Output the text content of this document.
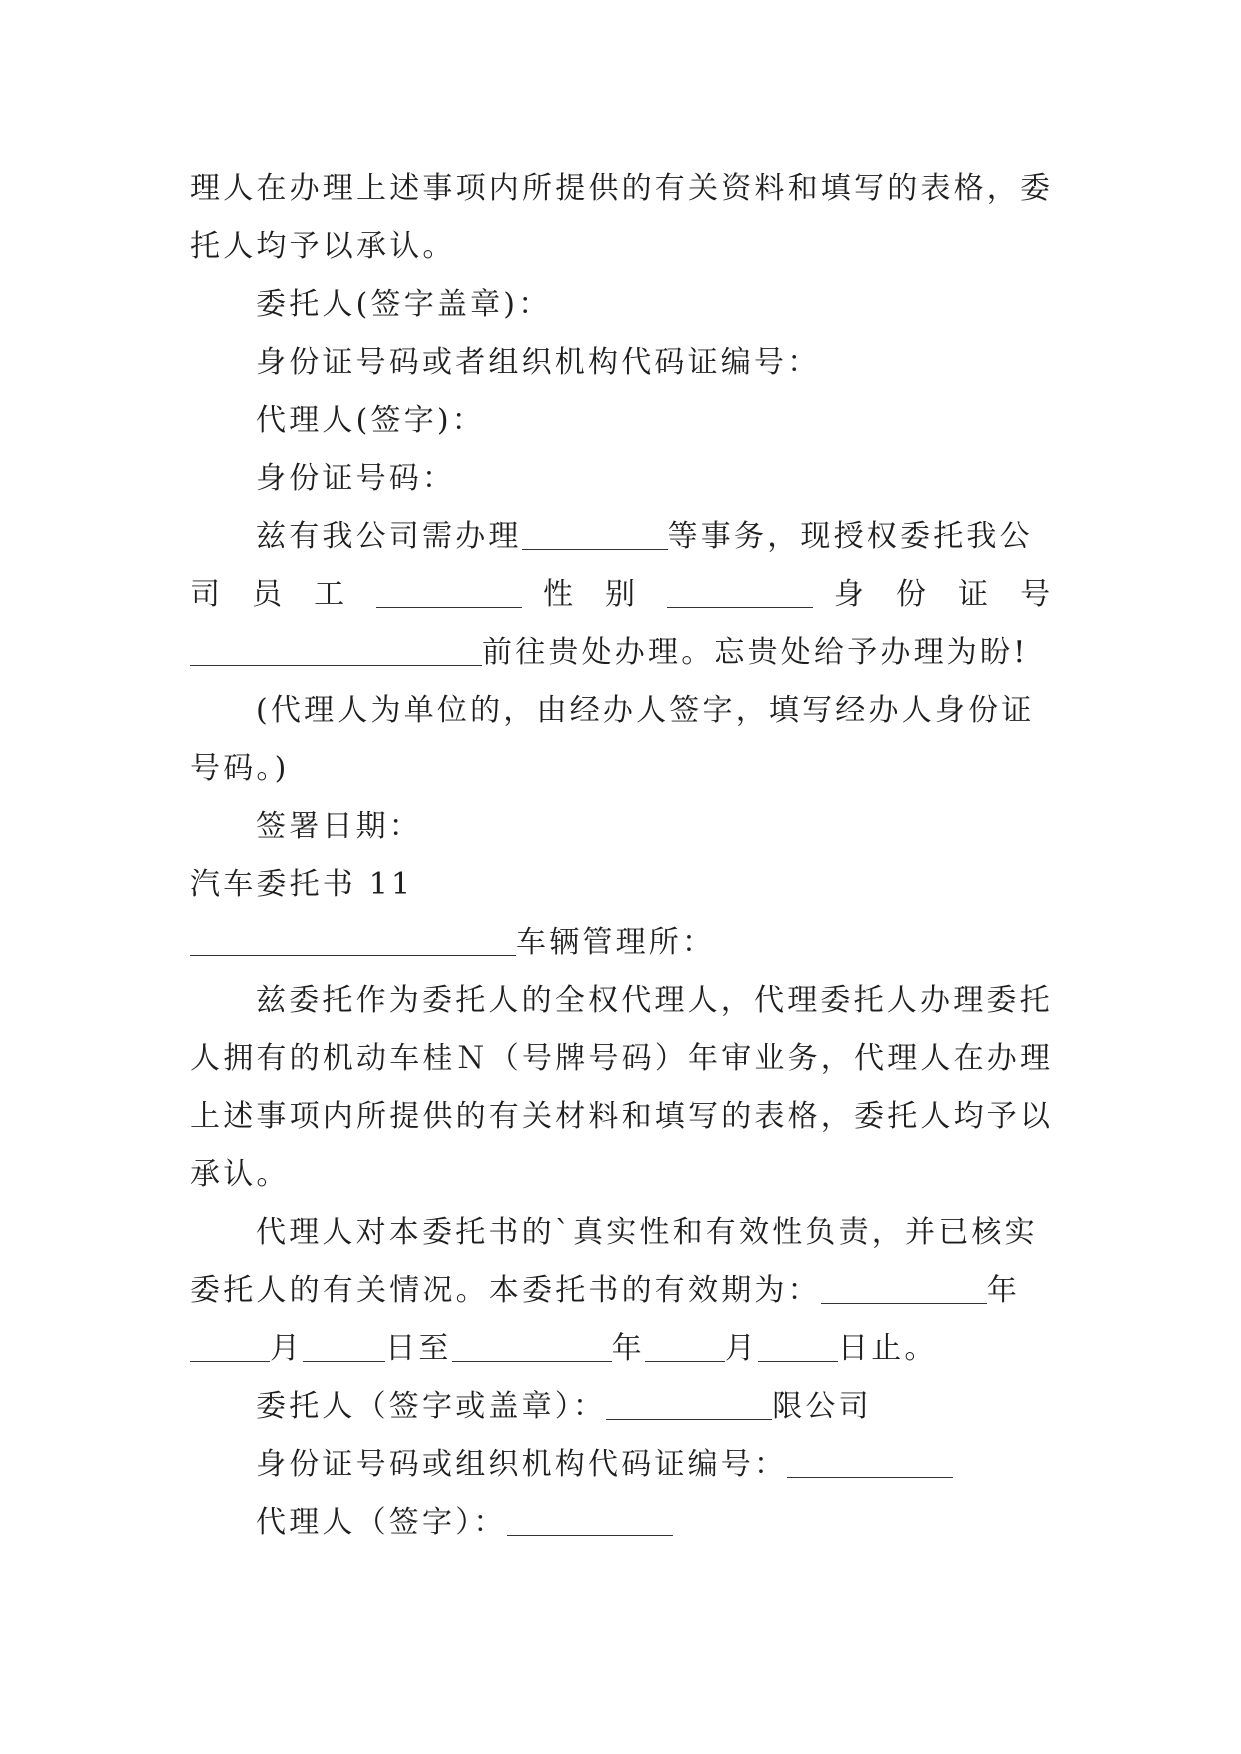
理人在办理上述事项内所提供的有关资料和填写的表格，委
托人均予以承认。
委托人(签字盖章)：
身份证号码或者组织机构代码证编号：
代理人(签字)：
身份证号码：
兹有我公司需办理	等事务，现授权委托我公
司 员 工	性 别	身 份 证 号
前往贵处办理。忘贵处给予办理为盼!
(代理人为单位的，由经办人签字，填写经办人身份证
号码。)
签署日期：
汽车委托书 11
车辆管理所：
兹委托作为委托人的全权代理人，代理委托人办理委托
人拥有的机动车桂Ｎ（号牌号码）年审业务，代理人在办理
上述事项内所提供的有关材料和填写的表格，委托人均予以
承认。
代理人对本委托书的`真实性和有效性负责，并已核实
委托人的有关情况。本委托书的有效期为：	年
月	日至	年	月	日止。
委托人（签字或盖章）：	限公司
身份证号码或组织机构代码证编号：
代理人（签字）：
